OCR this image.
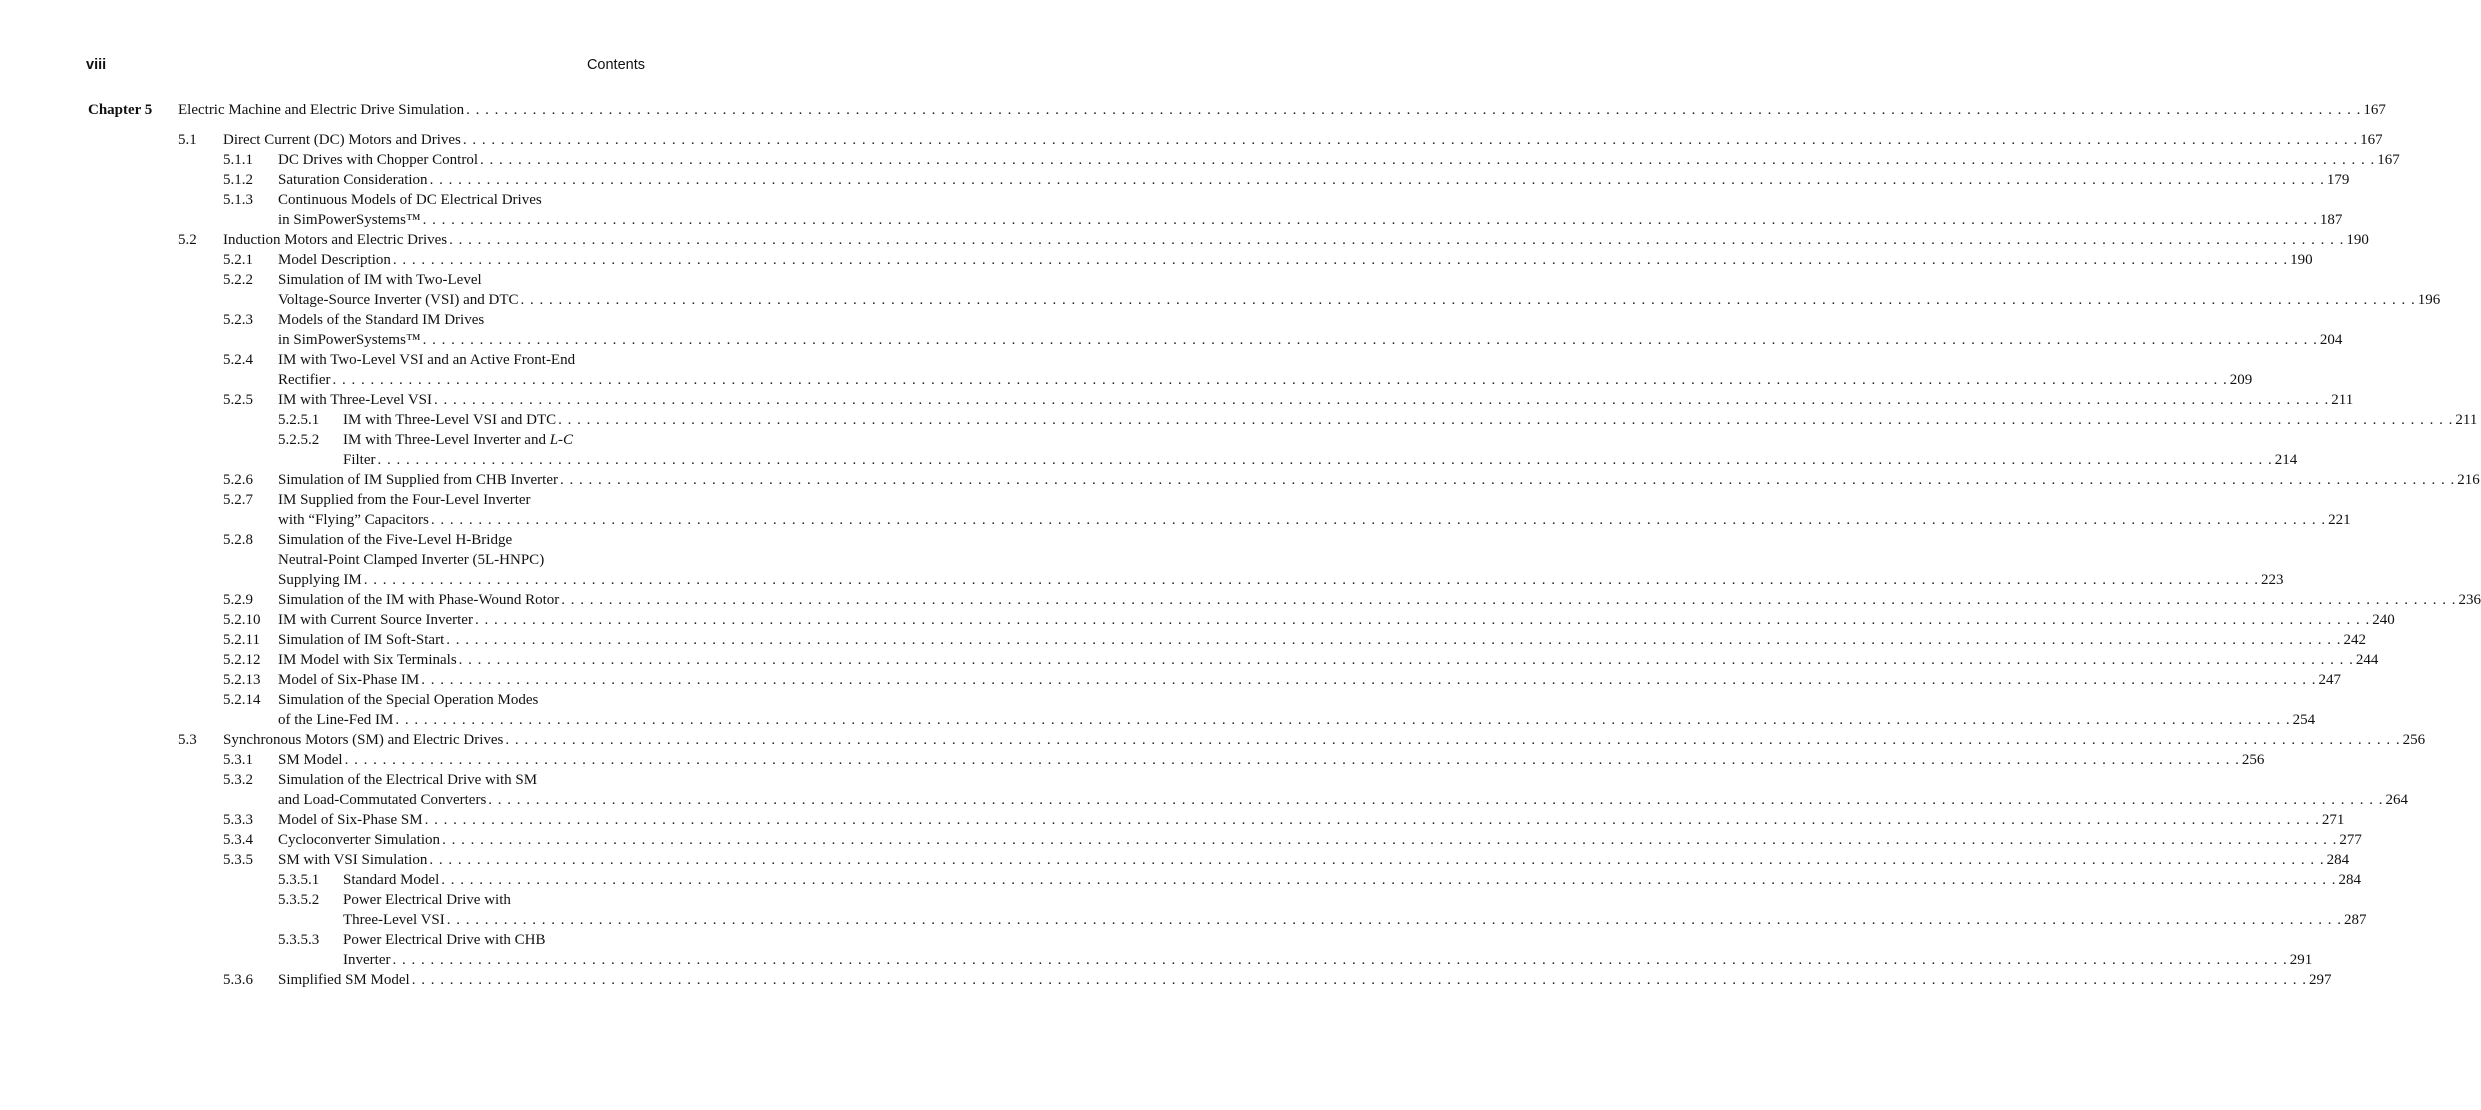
viii	Contents
Chapter 5 Electric Machine and Electric Drive Simulation . . . . . . . . . . . . . . . . . . . . . . . . . . . . . . . . . . . . . . . . . . . . . . . . . . . . . . . . . . . . . . . . . . . . . . . . . . . . . . . . . . . . . . . . . . . . . . . . . . . . . . . . . . . . . . . . . . . . . . . . . . . . . . . . . . . . . . . . . . . . . . . . . . . . . . . . . . . . . . . . . . . . . . . . . . . . . . . . . . . . . . . . . . . . . . . . . . . . . . . . 167
5.1 Direct Current (DC) Motors and Drives . . . . . . . . . . . . . . . . . . . . . . . . . . . . . . . . . . . . . . . . . . . . . . . . . . . . . . . . . . . . . . . . . . . . . . . . . . . . . . . . . . . . . . . . . . . . . . . . . . . . . . . . . . . . . . . . . . . . . . . . . . . . . . . . . . . . . . . . . . . . . . . . . . . . . . . . . . . . . . . . . . . . . . . . . . . . . . . . . . . . . . . . . . . . . . . . . . . . . . . . 167
5.1.1 DC Drives with Chopper Control . . . . . . . . . . . . . . . . . . . . . . . . . . . . . . . . . . . . . . . . . . . . . . . . . . . . . . . . . . . . . . . . . . . . . . . . . . . . . . . . . . . . . . . . . . . . . . . . . . . . . . . . . . . . . . . . . . . . . . . . . . . . . . . . . . . . . . . . . . . . . . . . . . . . . . . . . . . . . . . . . . . . . . . . . . . . . . . . . . . . . . . . . . . . . . . . . . . . . . . . 167
5.1.2 Saturation Consideration . . . . . . . . . . . . . . . . . . . . . . . . . . . . . . . . . . . . . . . . . . . . . . . . . . . . . . . . . . . . . . . . . . . . . . . . . . . . . . . . . . . . . . . . . . . . . . . . . . . . . . . . . . . . . . . . . . . . . . . . . . . . . . . . . . . . . . . . . . . . . . . . . . . . . . . . . . . . . . . . . . . . . . . . . . . . . . . . . . . . . . . . . . . . . . . . . . . . . . . . 179
5.1.3 Continuous Models of DC Electrical Drives
in SimPowerSystems™ . . . . . . . . . . . . . . . . . . . . . . . . . . . . . . . . . . . . . . . . . . . . . . . . . . . . . . . . . . . . . . . . . . . . . . . . . . . . . . . . . . . . . . . . . . . . . . . . . . . . . . . . . . . . . . . . . . . . . . . . . . . . . . . . . . . . . . . . . . . . . . . . . . . . . . . . . . . . . . . . . . . . . . . . . . . . . . . . . . . . . . . . . . . . . . . . . . . . . . . . 187
5.2 Induction Motors and Electric Drives . . . . . . . . . . . . . . . . . . . . . . . . . . . . . . . . . . . . . . . . . . . . . . . . . . . . . . . . . . . . . . . . . . . . . . . . . . . . . . . . . . . . . . . . . . . . . . . . . . . . . . . . . . . . . . . . . . . . . . . . . . . . . . . . . . . . . . . . . . . . . . . . . . . . . . . . . . . . . . . . . . . . . . . . . . . . . . . . . . . . . . . . . . . . . . . . . . . . . . . . 190
5.2.1 Model Description . . . . . . . . . . . . . . . . . . . . . . . . . . . . . . . . . . . . . . . . . . . . . . . . . . . . . . . . . . . . . . . . . . . . . . . . . . . . . . . . . . . . . . . . . . . . . . . . . . . . . . . . . . . . . . . . . . . . . . . . . . . . . . . . . . . . . . . . . . . . . . . . . . . . . . . . . . . . . . . . . . . . . . . . . . . . . . . . . . . . . . . . . . . . . . . . . . . . . . . . 190
5.2.2 Simulation of IM with Two-Level
Voltage-Source Inverter (VSI) and DTC . . . . . . . . . . . . . . . . . . . . . . . . . . . . . . . . . . . . . . . . . . . . . . . . . . . . . . . . . . . . . . . . . . . . . . . . . . . . . . . . . . . . . . . . . . . . . . . . . . . . . . . . . . . . . . . . . . . . . . . . . . . . . . . . . . . . . . . . . . . . . . . . . . . . . . . . . . . . . . . . . . . . . . . . . . . . . . . . . . . . . . . . . . . . . . . . . . . . . . . . 196
5.2.3 Models of the Standard IM Drives
in SimPowerSystems™ . . . . . . . . . . . . . . . . . . . . . . . . . . . . . . . . . . . . . . . . . . . . . . . . . . . . . . . . . . . . . . . . . . . . . . . . . . . . . . . . . . . . . . . . . . . . . . . . . . . . . . . . . . . . . . . . . . . . . . . . . . . . . . . . . . . . . . . . . . . . . . . . . . . . . . . . . . . . . . . . . . . . . . . . . . . . . . . . . . . . . . . . . . . . . . . . . . . . . . . . 204
5.2.4 IM with Two-Level VSI and an Active Front-End
Rectifier . . . . . . . . . . . . . . . . . . . . . . . . . . . . . . . . . . . . . . . . . . . . . . . . . . . . . . . . . . . . . . . . . . . . . . . . . . . . . . . . . . . . . . . . . . . . . . . . . . . . . . . . . . . . . . . . . . . . . . . . . . . . . . . . . . . . . . . . . . . . . . . . . . . . . . . . . . . . . . . . . . . . . . . . . . . . . . . . . . . . . . . . . . . . . . . . . . . . . . . . 209
5.2.5 IM with Three-Level VSI . . . . . . . . . . . . . . . . . . . . . . . . . . . . . . . . . . . . . . . . . . . . . . . . . . . . . . . . . . . . . . . . . . . . . . . . . . . . . . . . . . . . . . . . . . . . . . . . . . . . . . . . . . . . . . . . . . . . . . . . . . . . . . . . . . . . . . . . . . . . . . . . . . . . . . . . . . . . . . . . . . . . . . . . . . . . . . . . . . . . . . . . . . . . . . . . . . . . . . . . 211
5.2.5.1 IM with Three-Level VSI and DTC . . . . . . . . . . . . . . . . . . . . . . . . . . . . . . . . . . . . . . . . . . . . . . . . . . . . . . . . . . . . . . . . . . . . . . . . . . . . . . . . . . . . . . . . . . . . . . . . . . . . . . . . . . . . . . . . . . . . . . . . . . . . . . . . . . . . . . . . . . . . . . . . . . . . . . . . . . . . . . . . . . . . . . . . . . . . . . . . . . . . . . . . . . . . . . . . . . . . . . . . 211
5.2.5.2 IM with Three-Level Inverter and L-C
Filter . . . . . . . . . . . . . . . . . . . . . . . . . . . . . . . . . . . . . . . . . . . . . . . . . . . . . . . . . . . . . . . . . . . . . . . . . . . . . . . . . . . . . . . . . . . . . . . . . . . . . . . . . . . . . . . . . . . . . . . . . . . . . . . . . . . . . . . . . . . . . . . . . . . . . . . . . . . . . . . . . . . . . . . . . . . . . . . . . . . . . . . . . . . . . . . . . . . . . . . . 214
5.2.6 Simulation of IM Supplied from CHB Inverter . . . . . . . . . . . . . . . . . . . . . . . . . . . . . . . . . . . . . . . . . . . . . . . . . . . . . . . . . . . . . . . . . . . . . . . . . . . . . . . . . . . . . . . . . . . . . . . . . . . . . . . . . . . . . . . . . . . . . . . . . . . . . . . . . . . . . . . . . . . . . . . . . . . . . . . . . . . . . . . . . . . . . . . . . . . . . . . . . . . . . . . . . . . . . . . . . . . . . . . . 216
5.2.7 IM Supplied from the Four-Level Inverter
with “Flying” Capacitors . . . . . . . . . . . . . . . . . . . . . . . . . . . . . . . . . . . . . . . . . . . . . . . . . . . . . . . . . . . . . . . . . . . . . . . . . . . . . . . . . . . . . . . . . . . . . . . . . . . . . . . . . . . . . . . . . . . . . . . . . . . . . . . . . . . . . . . . . . . . . . . . . . . . . . . . . . . . . . . . . . . . . . . . . . . . . . . . . . . . . . . . . . . . . . . . . . . . . . . . 221
5.2.8 Simulation of the Five-Level H-Bridge
Neutral-Point Clamped Inverter (5L-HNPC)
Supplying IM . . . . . . . . . . . . . . . . . . . . . . . . . . . . . . . . . . . . . . . . . . . . . . . . . . . . . . . . . . . . . . . . . . . . . . . . . . . . . . . . . . . . . . . . . . . . . . . . . . . . . . . . . . . . . . . . . . . . . . . . . . . . . . . . . . . . . . . . . . . . . . . . . . . . . . . . . . . . . . . . . . . . . . . . . . . . . . . . . . . . . . . . . . . . . . . . . . . . . . . . 223
5.2.9 Simulation of the IM with Phase-Wound Rotor . . . . . . . . . . . . . . . . . . . . . . . . . . . . . . . . . . . . . . . . . . . . . . . . . . . . . . . . . . . . . . . . . . . . . . . . . . . . . . . . . . . . . . . . . . . . . . . . . . . . . . . . . . . . . . . . . . . . . . . . . . . . . . . . . . . . . . . . . . . . . . . . . . . . . . . . . . . . . . . . . . . . . . . . . . . . . . . . . . . . . . . . . . . . . . . . . . . . . . . . 236
5.2.10 IM with Current Source Inverter . . . . . . . . . . . . . . . . . . . . . . . . . . . . . . . . . . . . . . . . . . . . . . . . . . . . . . . . . . . . . . . . . . . . . . . . . . . . . . . . . . . . . . . . . . . . . . . . . . . . . . . . . . . . . . . . . . . . . . . . . . . . . . . . . . . . . . . . . . . . . . . . . . . . . . . . . . . . . . . . . . . . . . . . . . . . . . . . . . . . . . . . . . . . . . . . . . . . . . . . 240
5.2.11 Simulation of IM Soft-Start . . . . . . . . . . . . . . . . . . . . . . . . . . . . . . . . . . . . . . . . . . . . . . . . . . . . . . . . . . . . . . . . . . . . . . . . . . . . . . . . . . . . . . . . . . . . . . . . . . . . . . . . . . . . . . . . . . . . . . . . . . . . . . . . . . . . . . . . . . . . . . . . . . . . . . . . . . . . . . . . . . . . . . . . . . . . . . . . . . . . . . . . . . . . . . . . . . . . . . . . 242
5.2.12 IM Model with Six Terminals . . . . . . . . . . . . . . . . . . . . . . . . . . . . . . . . . . . . . . . . . . . . . . . . . . . . . . . . . . . . . . . . . . . . . . . . . . . . . . . . . . . . . . . . . . . . . . . . . . . . . . . . . . . . . . . . . . . . . . . . . . . . . . . . . . . . . . . . . . . . . . . . . . . . . . . . . . . . . . . . . . . . . . . . . . . . . . . . . . . . . . . . . . . . . . . . . . . . . . . . 244
5.2.13 Model of Six-Phase IM . . . . . . . . . . . . . . . . . . . . . . . . . . . . . . . . . . . . . . . . . . . . . . . . . . . . . . . . . . . . . . . . . . . . . . . . . . . . . . . . . . . . . . . . . . . . . . . . . . . . . . . . . . . . . . . . . . . . . . . . . . . . . . . . . . . . . . . . . . . . . . . . . . . . . . . . . . . . . . . . . . . . . . . . . . . . . . . . . . . . . . . . . . . . . . . . . . . . . . . . 247
5.2.14 Simulation of the Special Operation Modes
of the Line-Fed IM . . . . . . . . . . . . . . . . . . . . . . . . . . . . . . . . . . . . . . . . . . . . . . . . . . . . . . . . . . . . . . . . . . . . . . . . . . . . . . . . . . . . . . . . . . . . . . . . . . . . . . . . . . . . . . . . . . . . . . . . . . . . . . . . . . . . . . . . . . . . . . . . . . . . . . . . . . . . . . . . . . . . . . . . . . . . . . . . . . . . . . . . . . . . . . . . . . . . . . . . 254
5.3 Synchronous Motors (SM) and Electric Drives . . . . . . . . . . . . . . . . . . . . . . . . . . . . . . . . . . . . . . . . . . . . . . . . . . . . . . . . . . . . . . . . . . . . . . . . . . . . . . . . . . . . . . . . . . . . . . . . . . . . . . . . . . . . . . . . . . . . . . . . . . . . . . . . . . . . . . . . . . . . . . . . . . . . . . . . . . . . . . . . . . . . . . . . . . . . . . . . . . . . . . . . . . . . . . . . . . . . . . . . 256
5.3.1 SM Model . . . . . . . . . . . . . . . . . . . . . . . . . . . . . . . . . . . . . . . . . . . . . . . . . . . . . . . . . . . . . . . . . . . . . . . . . . . . . . . . . . . . . . . . . . . . . . . . . . . . . . . . . . . . . . . . . . . . . . . . . . . . . . . . . . . . . . . . . . . . . . . . . . . . . . . . . . . . . . . . . . . . . . . . . . . . . . . . . . . . . . . . . . . . . . . . . . . . . . . . 256
5.3.2 Simulation of the Electrical Drive with SM
and Load-Commutated Converters . . . . . . . . . . . . . . . . . . . . . . . . . . . . . . . . . . . . . . . . . . . . . . . . . . . . . . . . . . . . . . . . . . . . . . . . . . . . . . . . . . . . . . . . . . . . . . . . . . . . . . . . . . . . . . . . . . . . . . . . . . . . . . . . . . . . . . . . . . . . . . . . . . . . . . . . . . . . . . . . . . . . . . . . . . . . . . . . . . . . . . . . . . . . . . . . . . . . . . . . 264
5.3.3 Model of Six-Phase SM . . . . . . . . . . . . . . . . . . . . . . . . . . . . . . . . . . . . . . . . . . . . . . . . . . . . . . . . . . . . . . . . . . . . . . . . . . . . . . . . . . . . . . . . . . . . . . . . . . . . . . . . . . . . . . . . . . . . . . . . . . . . . . . . . . . . . . . . . . . . . . . . . . . . . . . . . . . . . . . . . . . . . . . . . . . . . . . . . . . . . . . . . . . . . . . . . . . . . . . . 271
5.3.4 Cycloconverter Simulation . . . . . . . . . . . . . . . . . . . . . . . . . . . . . . . . . . . . . . . . . . . . . . . . . . . . . . . . . . . . . . . . . . . . . . . . . . . . . . . . . . . . . . . . . . . . . . . . . . . . . . . . . . . . . . . . . . . . . . . . . . . . . . . . . . . . . . . . . . . . . . . . . . . . . . . . . . . . . . . . . . . . . . . . . . . . . . . . . . . . . . . . . . . . . . . . . . . . . . . . 277
5.3.5 SM with VSI Simulation . . . . . . . . . . . . . . . . . . . . . . . . . . . . . . . . . . . . . . . . . . . . . . . . . . . . . . . . . . . . . . . . . . . . . . . . . . . . . . . . . . . . . . . . . . . . . . . . . . . . . . . . . . . . . . . . . . . . . . . . . . . . . . . . . . . . . . . . . . . . . . . . . . . . . . . . . . . . . . . . . . . . . . . . . . . . . . . . . . . . . . . . . . . . . . . . . . . . . . . . 284
5.3.5.1 Standard Model . . . . . . . . . . . . . . . . . . . . . . . . . . . . . . . . . . . . . . . . . . . . . . . . . . . . . . . . . . . . . . . . . . . . . . . . . . . . . . . . . . . . . . . . . . . . . . . . . . . . . . . . . . . . . . . . . . . . . . . . . . . . . . . . . . . . . . . . . . . . . . . . . . . . . . . . . . . . . . . . . . . . . . . . . . . . . . . . . . . . . . . . . . . . . . . . . . . . . . . . 284
5.3.5.2 Power Electrical Drive with
Three-Level VSI . . . . . . . . . . . . . . . . . . . . . . . . . . . . . . . . . . . . . . . . . . . . . . . . . . . . . . . . . . . . . . . . . . . . . . . . . . . . . . . . . . . . . . . . . . . . . . . . . . . . . . . . . . . . . . . . . . . . . . . . . . . . . . . . . . . . . . . . . . . . . . . . . . . . . . . . . . . . . . . . . . . . . . . . . . . . . . . . . . . . . . . . . . . . . . . . . . . . . . . . 287
5.3.5.3 Power Electrical Drive with CHB
Inverter . . . . . . . . . . . . . . . . . . . . . . . . . . . . . . . . . . . . . . . . . . . . . . . . . . . . . . . . . . . . . . . . . . . . . . . . . . . . . . . . . . . . . . . . . . . . . . . . . . . . . . . . . . . . . . . . . . . . . . . . . . . . . . . . . . . . . . . . . . . . . . . . . . . . . . . . . . . . . . . . . . . . . . . . . . . . . . . . . . . . . . . . . . . . . . . . . . . . . . . . 291
5.3.6 Simplified SM Model . . . . . . . . . . . . . . . . . . . . . . . . . . . . . . . . . . . . . . . . . . . . . . . . . . . . . . . . . . . . . . . . . . . . . . . . . . . . . . . . . . . . . . . . . . . . . . . . . . . . . . . . . . . . . . . . . . . . . . . . . . . . . . . . . . . . . . . . . . . . . . . . . . . . . . . . . . . . . . . . . . . . . . . . . . . . . . . . . . . . . . . . . . . . . . . . . . . . . . . . 297
